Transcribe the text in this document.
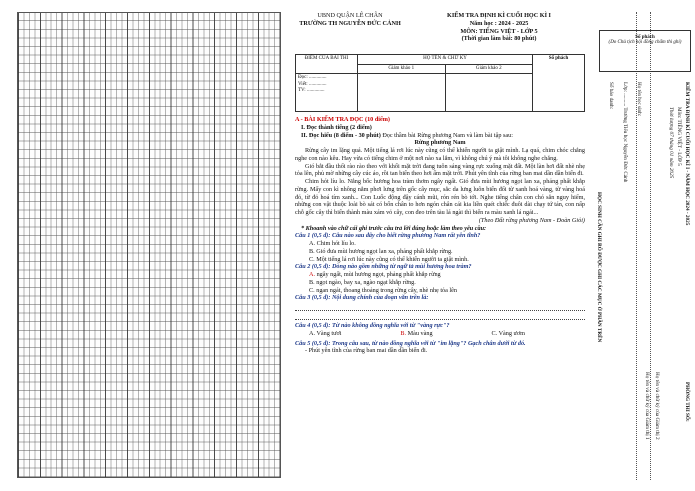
UBND QUẬN LÊ CHÂN
TRƯỜNG TH NGUYỄN ĐỨC CẢNH
KIỂM TRA ĐỊNH KÌ CUỐI HỌC KÌ I
Năm học : 2024 - 2025
MÔN: TIẾNG VIỆT - LỚP 5
(Thời gian làm bài: 80 phút)
ĐIỂM CỦA BÀI THI	HỌ TÊN & CHỮ KÝ		Số phách
	Giám khảo 1	Giám khảo 2	

Đọc: ..............
Viết: ..............
TV: ..............			

A - BÀI KIỂM TRA ĐỌC (10 điểm)
I. Đọc thành tiếng (2 điểm)
II. Đọc hiểu (8 điểm - 30 phút) Đọc thầm bài Rừng phương Nam và làm bài tập sau:
Rừng phương Nam
Rừng cây im lặng quá. Một tiếng lá rơi lúc này cũng có thể khiến người ta giật mình. Lạ quá, chim chóc chẳng nghe con nào kêu. Hay vừa có tiếng chim ở một nơi nào xa lắm, vì không chú ý mà tôi không nghe chăng.
Gió bắt đầu thổi rào rào theo với khối mặt trời đang tuôn sáng vàng rực xuống mặt đất. Một làn hơi đất nhè nhẹ tỏa lên, phủ mờ những cây cúc áo, rồi tan biến theo hơi ấm mặt trời. Phút yên tĩnh của rừng ban mai dần dần biến đi.
Chim hót líu lo. Nắng bốc hương hoa tràm thơm ngây ngất. Gió đưa mùi hương ngọt lan xa, phảng phất khắp rừng. Mấy con kì nhông nằm phơi lưng trên gốc cây mục, sắc da lưng luôn biến đổi từ xanh hoá vàng, từ vàng hoá đỏ, từ đỏ hoá tím xanh... Con Luốc động đậy cánh mũi, rón rén bò tới. Nghe tiếng chân con chó săn nguy hiểm, những con vật thuộc loài bò sát có bốn chân to hơn ngón chân cái kia liền quét chiếc đuôi dài chạy tứ tán, con nấp chỗ gốc cây thì biến thành màu xám vỏ cây, con đeo trên tàu lá ngài thì biến ra màu xanh lá ngái...
(Theo Đất rừng phương Nam - Đoàn Giỏi)
* Khoanh vào chữ cái ghi trước câu trả lời đúng hoặc làm theo yêu cầu:
Câu 1 (0,5 đ): Câu nào sau đây cho biết rừng phương Nam rất yên tĩnh?
A. Chim hót líu lo.
B. Gió đưa mùi hương ngọt lan xa, phảng phất khắp rừng.
C. Một tiếng lá rơi lúc này cũng có thể khiến người ta giật mình.
Câu 2 (0,5 đ): Dòng nào gồm những từ ngữ tả mùi hương hoa tràm?
A. ngây ngất, mùi hương ngọt, phảng phất khắp rừng
B. ngọt ngào, bay xa, ngào ngạt khắp rừng.
C. ngan ngát, thoang thoảng trong rừng cây, nhè nhẹ tỏa lên
Câu 3 (0,5 đ): Nội dung chính của đoạn văn trên là:
Câu 4 (0,5 đ): Từ nào không đồng nghĩa với từ "vàng rực"?
A. Vàng tươi	B. Màu vàng	C. Vàng ươm
Câu 5 (0,5 đ): Trong câu sau, từ nào đồng nghĩa với từ "im lặng"? Gạch chân dưới từ đó.
- Phút yên tĩnh của rừng ban mai dần dần biến đi.
Số phách
(Do Chủ tịch hội đồng chấm thi ghi)
KIỂM TRA ĐỊNH KÌ CUỐI HỌC KÌ I - NĂM HỌC 2024 - 2025
Môn: TIẾNG VIỆT - LỚP 5
Thời lượng 07 tháng 01 năm 2025
Họ tên học sinh:
Lớp: .......... Trường Tiểu học Nguyễn Đức Cảnh
Số báo danh:
HỌC SINH CẦN GHI RÕ ĐƯỢC GHI CÁC MỤC Ở PHẦN TRÊN
PHÒNG THI SỐ:
Họ tên và chữ ký của Giám thị 2
Họ tên và chữ ký của Giám thị 1
